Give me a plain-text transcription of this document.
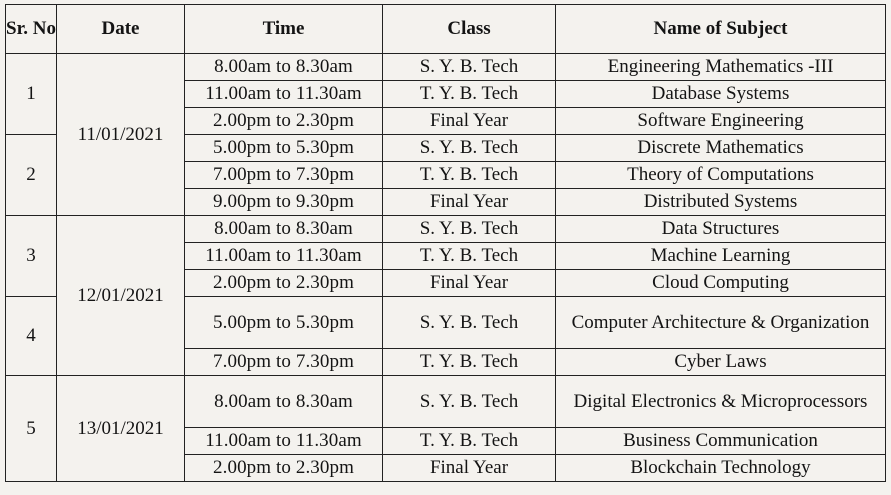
Sr. No	Date	Time	Class	Name of Subject
1	11/01/2021	8.00am to 8.30am	S. Y. B. Tech	Engineering Mathematics -III
		11.00am to 11.30am	T. Y. B. Tech	Database Systems
		2.00pm to 2.30pm	Final Year	Software Engineering
2		5.00pm to 5.30pm	S. Y. B. Tech	Discrete Mathematics
		7.00pm to 7.30pm	T. Y. B. Tech	Theory of Computations
		9.00pm to 9.30pm	Final Year	Distributed Systems
3	12/01/2021	8.00am to 8.30am	S. Y. B. Tech	Data Structures
		11.00am to 11.30am	T. Y. B. Tech	Machine Learning
		2.00pm to 2.30pm	Final Year	Cloud Computing
4		5.00pm to 5.30pm	S. Y. B. Tech	Computer Architecture & Organization
		7.00pm to 7.30pm	T. Y. B. Tech	Cyber Laws
5	13/01/2021	8.00am to 8.30am	S. Y. B. Tech	Digital Electronics & Microprocessors
		11.00am to 11.30am	T. Y. B. Tech	Business Communication
		2.00pm to 2.30pm	Final Year	Blockchain Technology
